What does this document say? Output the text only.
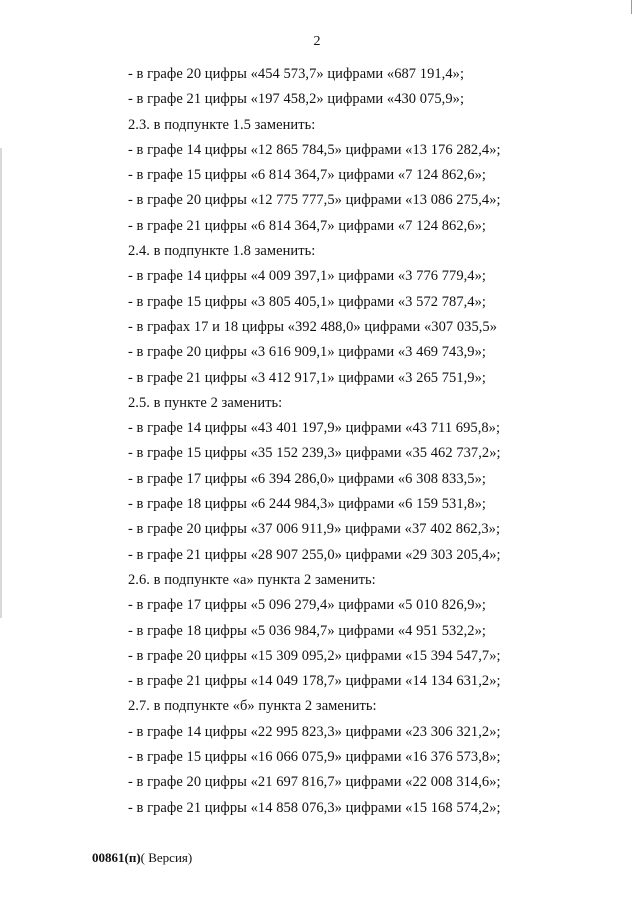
2
- в графе 20 цифры «454 573,7» цифрами «687 191,4»;
- в графе 21 цифры «197 458,2» цифрами «430 075,9»;
2.3. в подпункте 1.5 заменить:
- в графе 14 цифры «12 865 784,5» цифрами «13 176 282,4»;
- в графе 15 цифры «6 814 364,7» цифрами «7 124 862,6»;
- в графе 20 цифры «12 775 777,5» цифрами «13 086 275,4»;
- в графе 21 цифры «6 814 364,7» цифрами «7 124 862,6»;
2.4. в подпункте 1.8 заменить:
- в графе 14 цифры «4 009 397,1» цифрами «3 776 779,4»;
- в графе 15 цифры «3 805 405,1» цифрами «3 572 787,4»;
- в графах 17 и 18 цифры «392 488,0» цифрами «307 035,5»
- в графе 20 цифры «3 616 909,1» цифрами «3 469 743,9»;
- в графе 21 цифры «3 412 917,1» цифрами «3 265 751,9»;
2.5. в пункте 2 заменить:
- в графе 14 цифры «43 401 197,9» цифрами «43 711 695,8»;
- в графе 15 цифры «35 152 239,3» цифрами «35 462 737,2»;
- в графе 17 цифры «6 394 286,0» цифрами «6 308 833,5»;
- в графе 18 цифры «6 244 984,3» цифрами «6 159 531,8»;
- в графе 20 цифры «37 006 911,9» цифрами «37 402 862,3»;
- в графе 21 цифры «28 907 255,0» цифрами «29 303 205,4»;
2.6. в подпункте «а» пункта 2 заменить:
- в графе 17 цифры «5 096 279,4» цифрами «5 010 826,9»;
- в графе 18 цифры «5 036 984,7» цифрами «4 951 532,2»;
- в графе 20 цифры «15 309 095,2» цифрами «15 394 547,7»;
- в графе 21 цифры «14 049 178,7» цифрами «14 134 631,2»;
2.7. в подпункте «б» пункта 2 заменить:
- в графе 14 цифры «22 995 823,3» цифрами «23 306 321,2»;
- в графе 15 цифры «16 066 075,9» цифрами «16 376 573,8»;
- в графе 20 цифры «21 697 816,7» цифрами «22 008 314,6»;
- в графе 21 цифры «14 858 076,3» цифрами «15 168 574,2»;
00861(п)( Версия)
